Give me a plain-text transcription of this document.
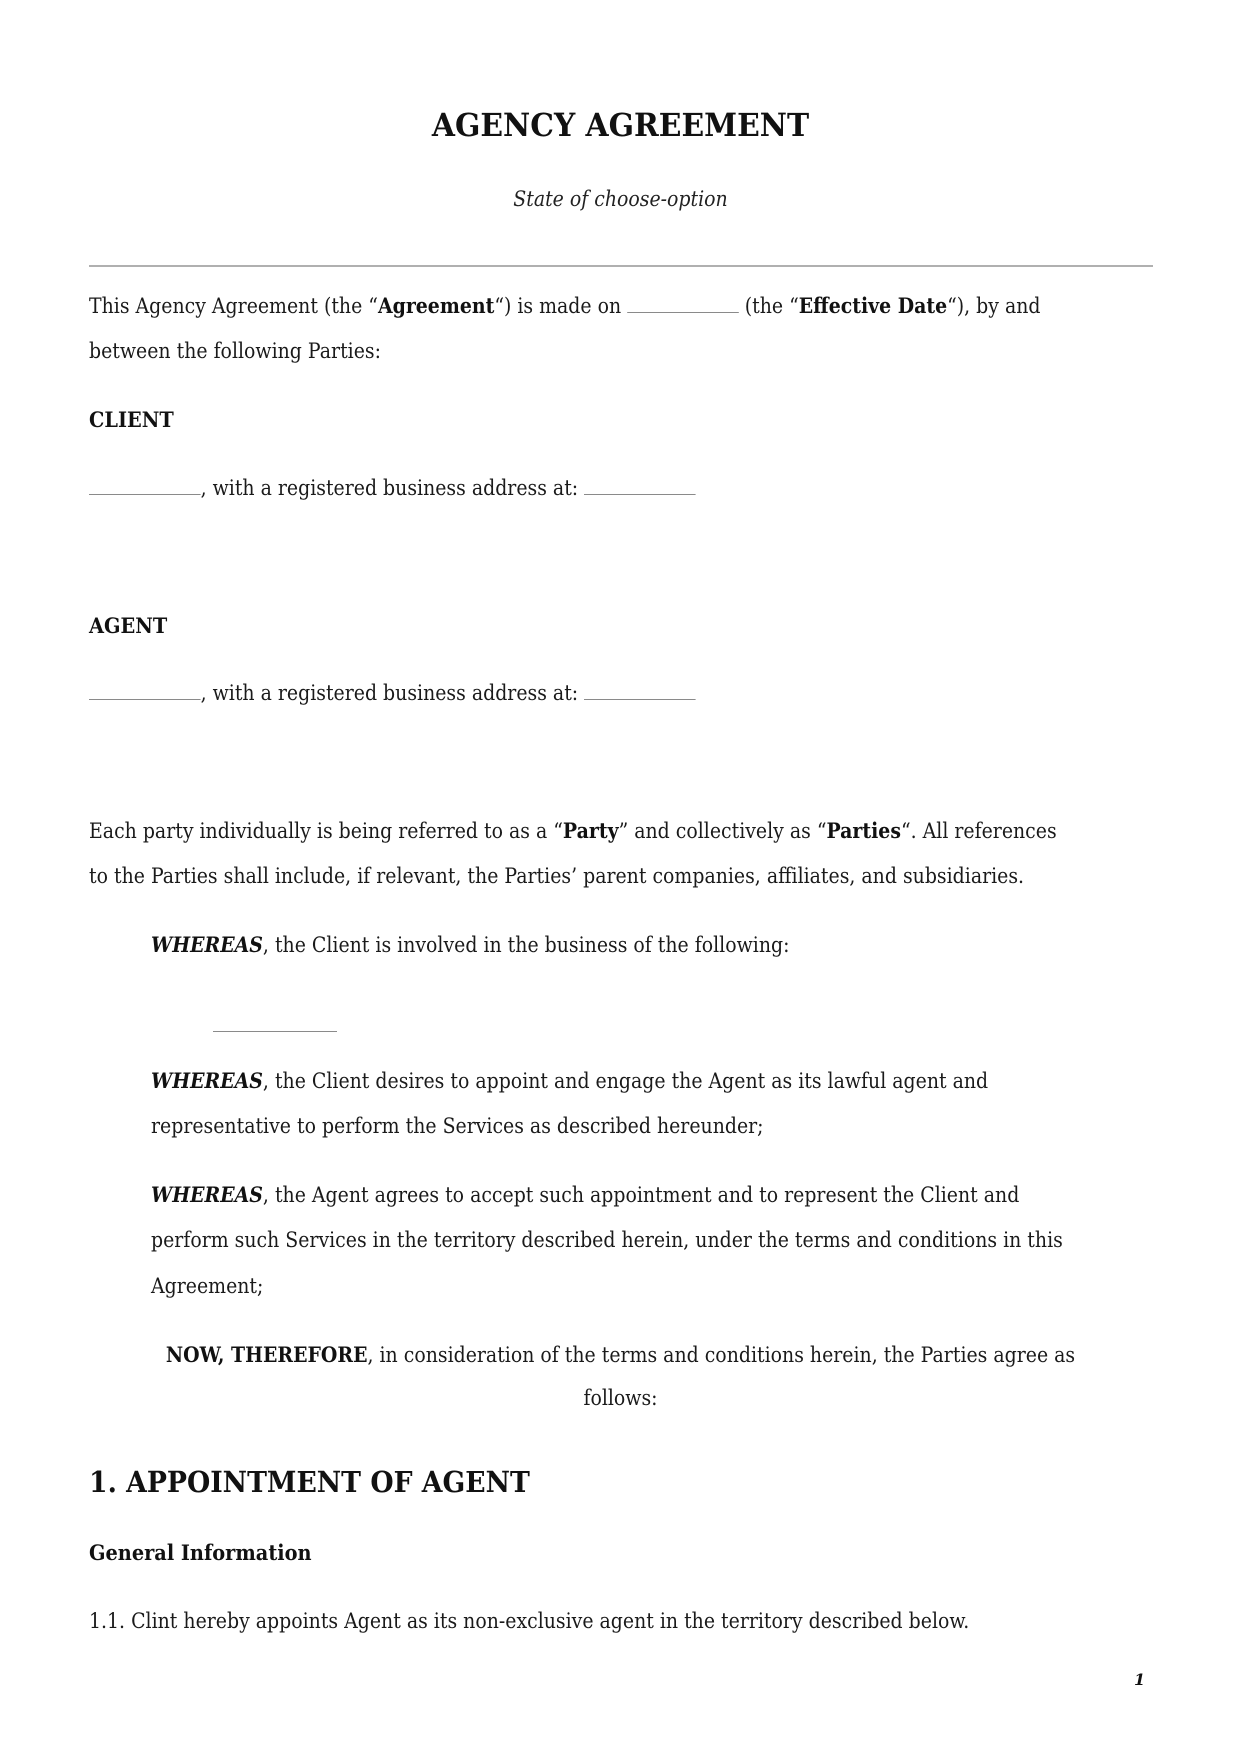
AGENCY AGREEMENT

State of choose-option

This Agency Agreement (the “Agreement“) is made on	(the “Effective Date“), by and

between the following Parties:

CLIENT

, with a registered business address at:

AGENT

, with a registered business address at:

Each party individually is being referred to as a “Party” and collectively as “Parties“. All references

to the Parties shall include, if relevant, the Parties’ parent companies, affiliates, and subsidiaries.

WHEREAS, the Client is involved in the business of the following:

WHEREAS, the Client desires to appoint and engage the Agent as its lawful agent and

representative to perform the Services as described hereunder;

WHEREAS, the Agent agrees to accept such appointment and to represent the Client and

perform such Services in the territory described herein, under the terms and conditions in this

Agreement;

NOW, THEREFORE, in consideration of the terms and conditions herein, the Parties agree as

follows:

1. APPOINTMENT OF AGENT
General Information

1.1. Clint hereby appoints Agent as its non-exclusive agent in the territory described below.

1
